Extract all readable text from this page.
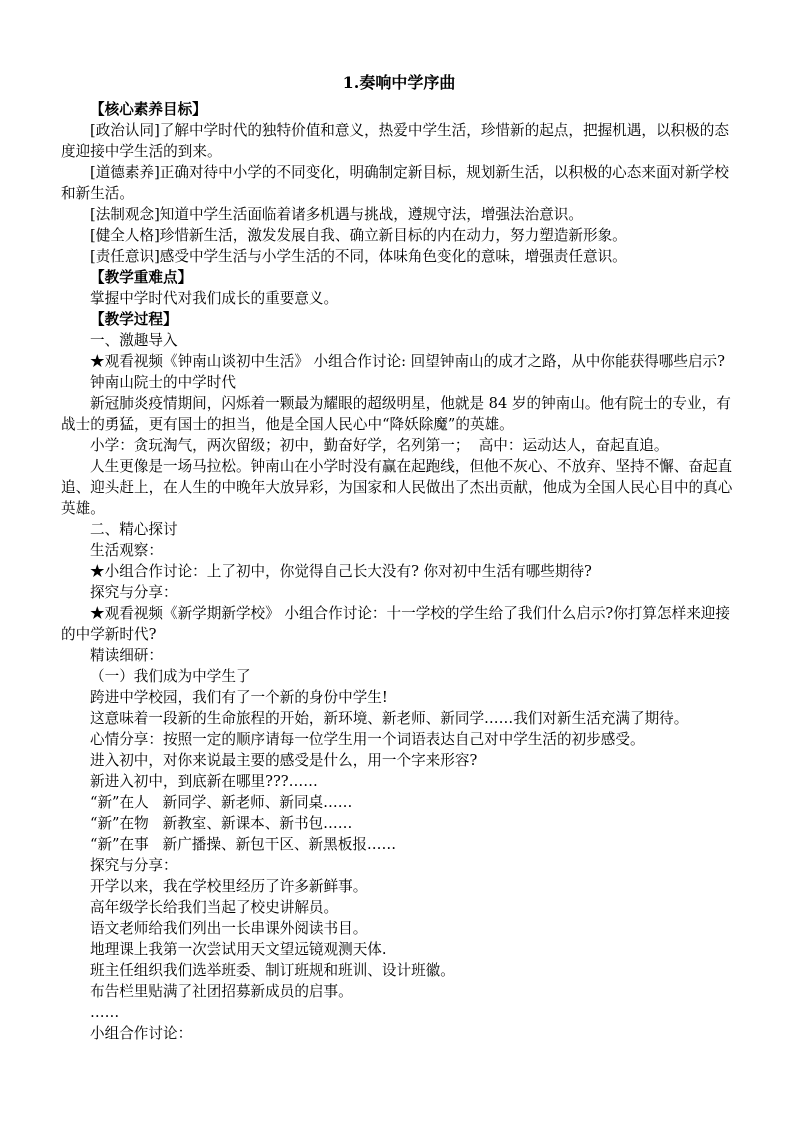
1.奏响中学序曲

【核心素养目标】

[政治认同]了解中学时代的独特价值和意义，热爱中学生活，珍惜新的起点，把握机遇，以积极的态度迎接中学生活的到来。

[道德素养]正确对待中小学的不同变化，明确制定新目标，规划新生活，以积极的心态来面对新学校和新生活。

[法制观念]知道中学生活面临着诸多机遇与挑战，遵规守法，增强法治意识。

[健全人格]珍惜新生活，激发发展自我、确立新目标的内在动力，努力塑造新形象。

[责任意识]感受中学生活与小学生活的不同，体味角色变化的意味，增强责任意识。

【教学重难点】

掌握中学时代对我们成长的重要意义。

【教学过程】

一、激趣导入

★观看视频《钟南山谈初中生活》 小组合作讨论: 回望钟南山的成才之路，从中你能获得哪些启示?

钟南山院士的中学时代

新冠肺炎疫情期间，闪烁着一颗最为耀眼的超级明星，他就是 84 岁的钟南山。他有院士的专业，有战士的勇猛，更有国士的担当，他是全国人民心中“降妖除魔”的英雄。

小学：贪玩淘气，两次留级；初中，勤奋好学，名列第一；  高中：运动达人，奋起直追。

人生更像是一场马拉松。钟南山在小学时没有赢在起跑线，但他不灰心、不放弃、坚持不懈、奋起直追、迎头赶上，在人生的中晚年大放异彩，为国家和人民做出了杰出贡献，他成为全国人民心目中的真心英雄。

二、精心探讨

生活观察：

★小组合作讨论：上了初中，你觉得自己长大没有? 你对初中生活有哪些期待?

探究与分享：

★观看视频《新学期新学校》 小组合作讨论：十一学校的学生给了我们什么启示?你打算怎样来迎接的中学新时代?

精读细研：

（一）我们成为中学生了

跨进中学校园，我们有了一个新的身份中学生!

这意味着一段新的生命旅程的开始，新环境、新老师、新同学……我们对新生活充满了期待。

心情分享：按照一定的顺序请每一位学生用一个词语表达自己对中学生活的初步感受。

进入初中，对你来说最主要的感受是什么，用一个字来形容?

新进入初中，到底新在哪里???……

“新”在人   新同学、新老师、新同桌……

“新”在物   新教室、新课本、新书包……

“新”在事   新广播操、新包干区、新黑板报……

探究与分享：

开学以来，我在学校里经历了许多新鲜事。

高年级学长给我们当起了校史讲解员。

语文老师给我们列出一长串课外阅读书目。

地理课上我第一次尝试用天文望远镜观测天体.

班主任组织我们选举班委、制订班规和班训、设计班徽。

布告栏里贴满了社团招募新成员的启事。

……

小组合作讨论：
